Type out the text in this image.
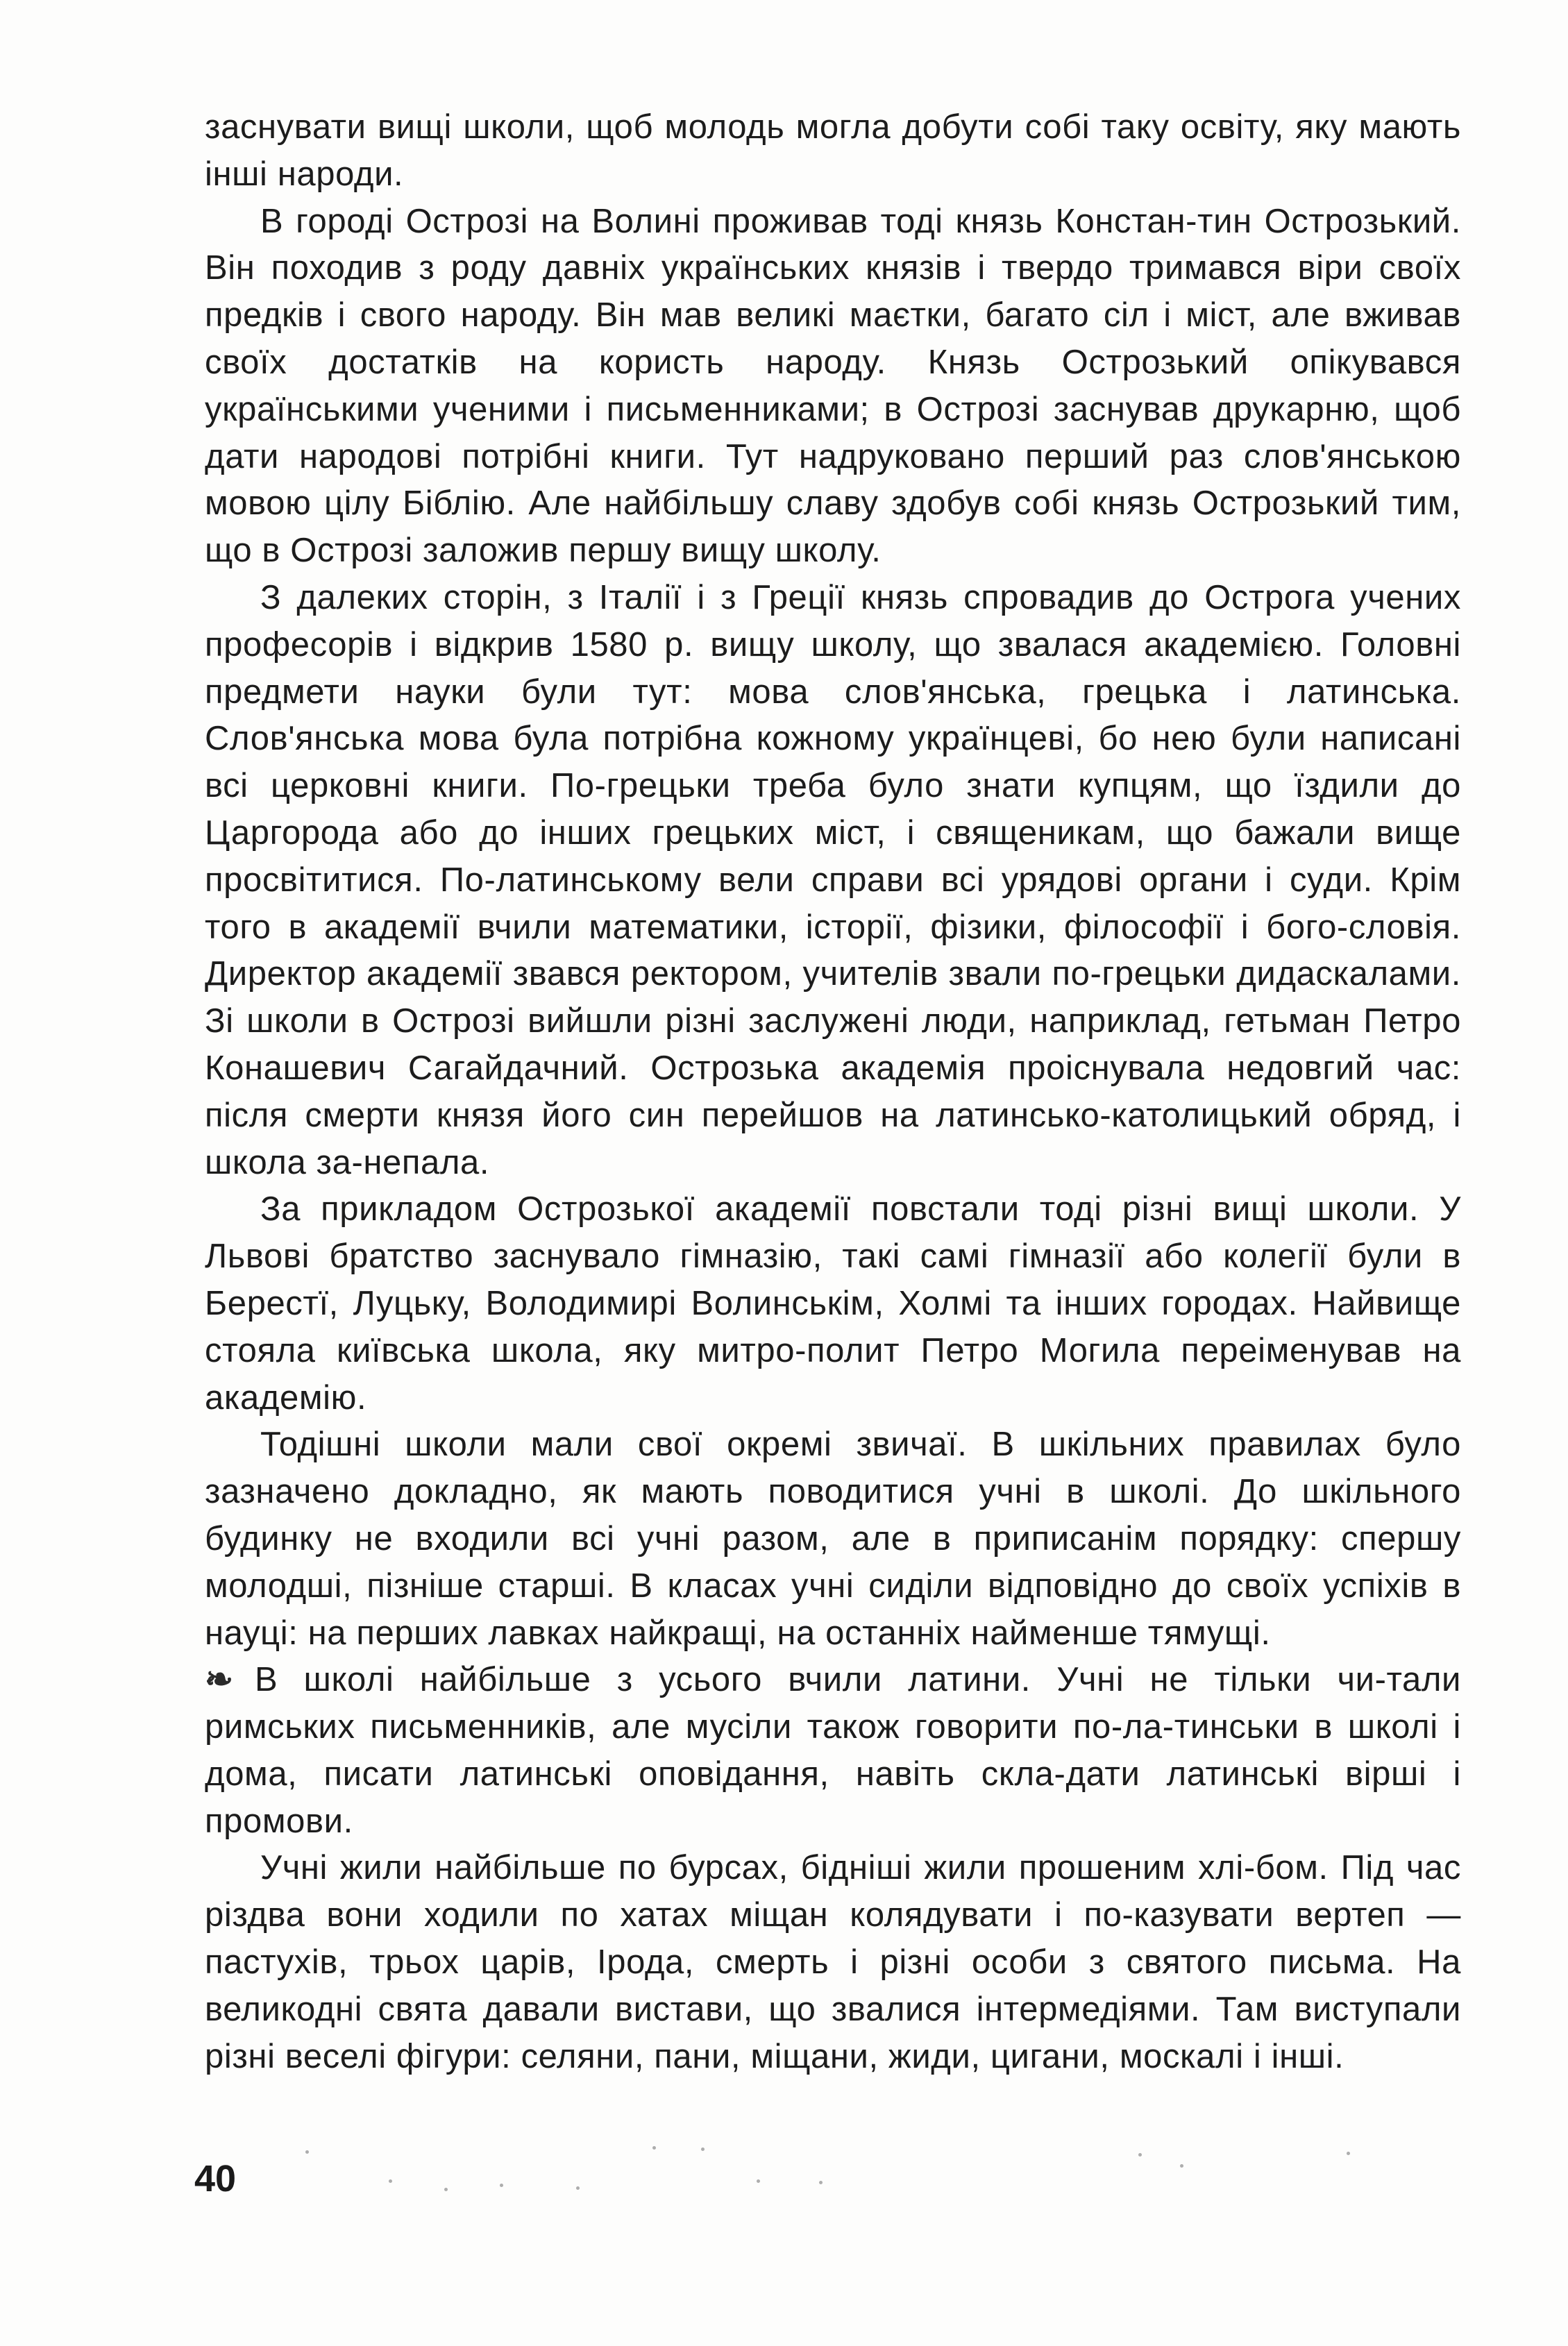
заснувати вищі школи, щоб молодь могла добути собі таку освіту, яку мають інші народи.

В городі Острозі на Волині проживав тоді князь Констан-тин Острозький. Він походив з роду давніх українських князів і твердо тримався віри своїх предків і свого народу. Він мав великі маєтки, багато сіл і міст, але вживав своїх достатків на користь народу. Князь Острозький опікувався українськими ученими і письменниками; в Острозі заснував друкарню, щоб дати народові потрібні книги. Тут надруковано перший раз слов'янською мовою цілу Біблію. Але найбільшу славу здобув собі князь Острозький тим, що в Острозі заложив першу вищу школу.

З далеких сторін, з Італії і з Греції князь спровадив до Острога учених професорів і відкрив 1580 р. вищу школу, що звалася академією. Головні предмети науки були тут: мова слов'янська, грецька і латинська. Слов'янська мова була потрібна кожному українцеві, бо нею були написані всі церковні книги. По-грецьки треба було знати купцям, що їздили до Царгорода або до інших грецьких міст, і священикам, що бажали вище просвітитися. По-латинському вели справи всі урядові органи і суди. Крім того в академії вчили математики, історії, фізики, філософії і бого-словія. Директор академії звався ректором, учителів звали по-грецьки дидаскалами. Зі школи в Острозі вийшли різні заслужені люди, наприклад, гетьман Петро Конашевич Сагайдачний. Острозька академія проіснувала недовгий час: після смерти князя його син перейшов на латинсько-католицький обряд, і школа за-непала.

За прикладом Острозької академії повстали тоді різні вищі школи. У Львові братство заснувало гімназію, такі самі гімназії або колегії були в Берестї, Луцьку, Володимирі Волинськім, Холмі та інших городах. Найвище стояла київська школа, яку митро-полит Петро Могила переіменував на академію.

Тодішні школи мали свої окремі звичаї. В шкільних правилах було зазначено докладно, як мають поводитися учні в школі. До шкільного будинку не входили всі учні разом, але в приписанім порядку: спершу молодші, пізніше старші. В класах учні сиділи відповідно до своїх успіхів в науці: на перших лавках найкращі, на останніх найменше тямущі.

❧ В школі найбільше з усього вчили латини. Учні не тільки чи-тали римських письменників, але мусіли також говорити по-ла-тинськи в школі і дома, писати латинські оповідання, навіть скла-дати латинські вірші і промови.

Учні жили найбільше по бурсах, бідніші жили прошеним хлі-бом. Під час різдва вони ходили по хатах міщан колядувати і по-казувати вертеп — пастухів, трьох царів, Ірода, смерть і різні особи з святого письма. На великодні свята давали вистави, що звалися інтермедіями. Там виступали різні веселі фігури: селяни, пани, міщани, жиди, цигани, москалі і інші.

40
